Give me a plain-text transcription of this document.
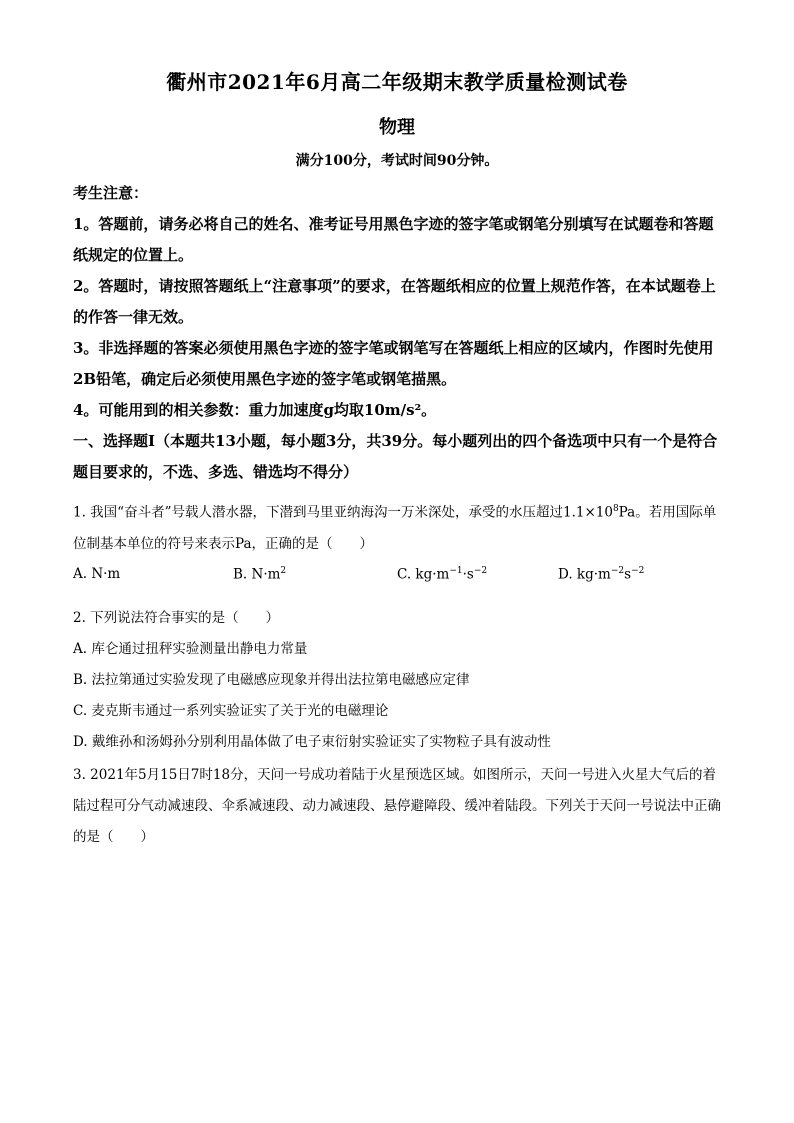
衢州市2021年6月高二年级期末教学质量检测试卷
物理
满分100分，考试时间90分钟。

考生注意：

1。答题前，请务必将自己的姓名、准考证号用黑色字迹的签字笔或钢笔分别填写在试题卷和答题纸规定的位置上。

2。答题时，请按照答题纸上“注意事项”的要求，在答题纸相应的位置上规范作答，在本试题卷上的作答一律无效。

3。非选择题的答案必须使用黑色字迹的签字笔或钢笔写在答题纸上相应的区域内，作图时先使用2B铅笔，确定后必须使用黑色字迹的签字笔或钢笔描黑。

4。可能用到的相关参数：重力加速度g均取10m/s²。

一、选择题Ⅰ（本题共13小题，每小题3分，共39分。每小题列出的四个备选项中只有一个是符合题目要求的，不选、多选、错选均不得分）

1. 我国“奋斗者”号载人潜水器，下潜到马里亚纳海沟一万米深处，承受的水压超过$1.1\times 10^8Pa$。若用国际单位制基本单位的符号来表示Pa，正确的是（　　）

A. N·m	B. $N\cdot m^2$	C. $kg\cdot m^{-1}\cdot s^{-2}$	D. $kg\cdot m^{-2}s^{-2}$

2. 下列说法符合事实的是（　　）

A. 库仑通过扭秤实验测量出静电力常量

B. 法拉第通过实验发现了电磁感应现象并得出法拉第电磁感应定律

C. 麦克斯韦通过一系列实验证实了关于光的电磁理论

D. 戴维孙和汤姆孙分别利用晶体做了电子束衍射实验证实了实物粒子具有波动性

3. 2021年5月15日7时18分，天问一号成功着陆于火星预选区域。如图所示，天问一号进入火星大气后的着陆过程可分气动减速段、伞系减速段、动力减速段、悬停避障段、缓冲着陆段。下列关于天问一号说法中正确的是（　　）
